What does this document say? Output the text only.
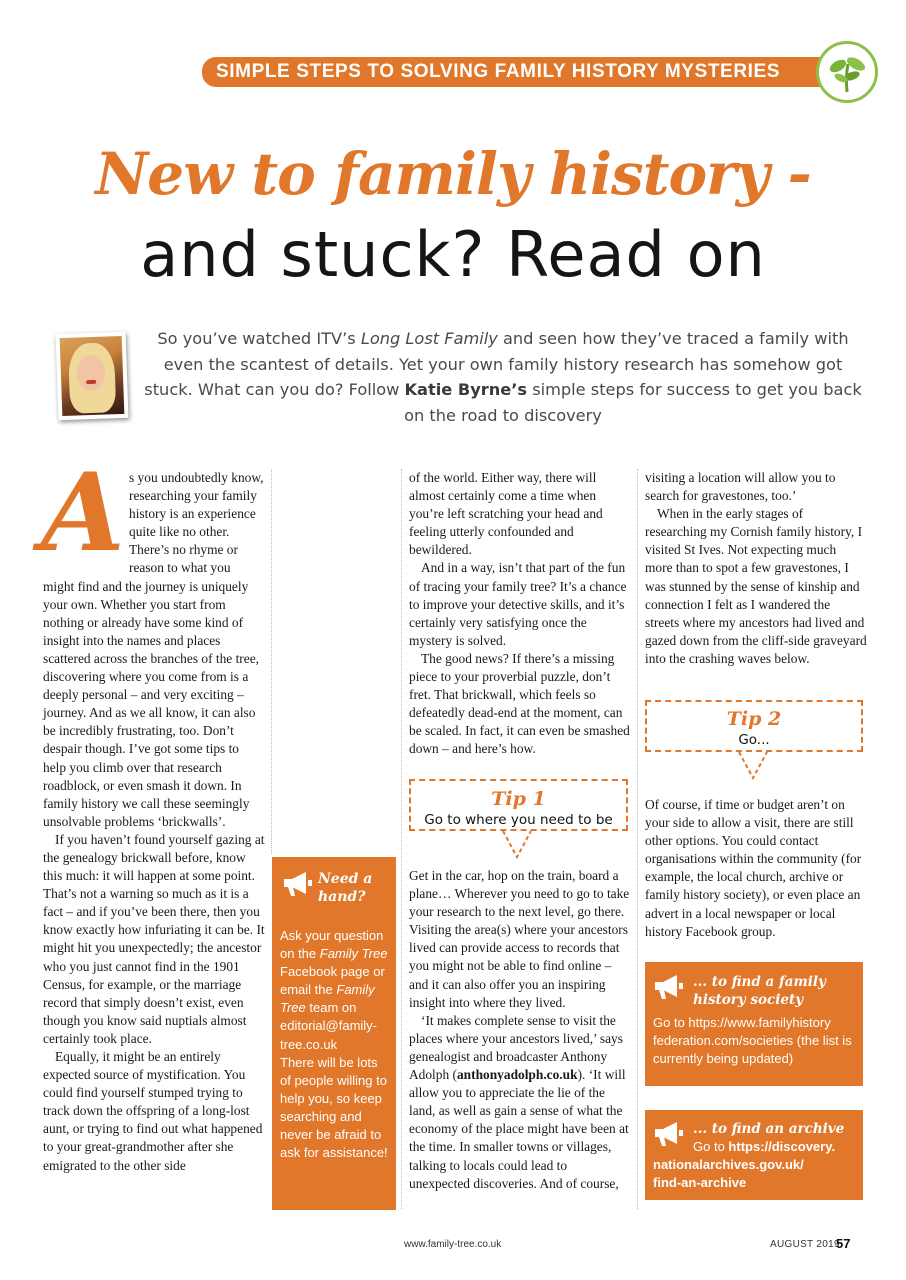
SIMPLE STEPS TO SOLVING FAMILY HISTORY MYSTERIES
New to family history -
and stuck? Read on
So you’ve watched ITV’s Long Lost Family and seen how they’ve traced a family with even the scantest of details. Yet your own family history research has somehow got stuck. What can you do? Follow Katie Byrne’s simple steps for success to get you back on the road to discovery
A s you undoubtedly know, researching your family history is an experience quite like no other. There’s no rhyme or reason to what you might find and the journey is uniquely your own. Whether you start from nothing or already have some kind of insight into the names and places scattered across the branches of the tree, discovering where you come from is a deeply personal – and very exciting – journey. And as we all know, it can also be incredibly frustrating, too. Don’t despair though. I’ve got some tips to help you climb over that research roadblock, or even smash it down. In family history we call these seemingly unsolvable problems ‘brickwalls’.

If you haven’t found yourself gazing at the genealogy brickwall before, know this much: it will happen at some point. That’s not a warning so much as it is a fact – and if you’ve been there, then you know exactly how infuriating it can be. It might hit you unexpectedly; the ancestor who you just cannot find in the 1901 Census, for example, or the marriage record that simply doesn’t exist, even though you know said nuptials almost certainly took place.

Equally, it might be an entirely expected source of mystification. You could find yourself stumped trying to track down the offspring of a long-lost aunt, or trying to find out what happened to your great-grandmother after she emigrated to the other side

Need a hand?

Ask your question on the Family Tree Facebook page or email the Family Tree team on editorial@family-tree.co.uk

There will be lots of people willing to help you, so keep searching and never be afraid to ask for assistance!

of the world. Either way, there will almost certainly come a time when you’re left scratching your head and feeling utterly confounded and bewildered.

And in a way, isn’t that part of the fun of tracing your family tree? It’s a chance to improve your detective skills, and it’s certainly very satisfying once the mystery is solved.

The good news? If there’s a missing piece to your proverbial puzzle, don’t fret. That brickwall, which feels so defeatedly dead-end at the moment, can be scaled. In fact, it can even be smashed down – and here’s how.

Tip 1
Go to where you need to be

Get in the car, hop on the train, board a plane… Wherever you need to go to take your research to the next level, go there. Visiting the area(s) where your ancestors lived can provide access to records that you might not be able to find online – and it can also offer you an inspiring insight into where they lived.

‘It makes complete sense to visit the places where your ancestors lived,’ says genealogist and broadcaster Anthony Adolph (anthonyadolph.co.uk). ‘It will allow you to appreciate the lie of the land, as well as gain a sense of what the economy of the place might have been at the time. In smaller towns or villages, talking to locals could lead to unexpected discoveries. And of course,

visiting a location will allow you to search for gravestones, too.’

When in the early stages of researching my Cornish family history, I visited St Ives. Not expecting much more than to spot a few gravestones, I was stunned by the sense of kinship and connection I felt as I wandered the streets where my ancestors had lived and gazed down from the cliff-side graveyard into the crashing waves below.

Tip 2
Go...

Of course, if time or budget aren’t on your side to allow a visit, there are still other options. You could contact organisations within the community (for example, the local church, archive or family history society), or even place an advert in a local newspaper or local history Facebook group.

... to find a family history society

Go to https://www.familyhistory federation.com/societies (the list is currently being updated)

... to find an archive
Go to https://discovery.
nationalarchives.gov.uk/
find-an-archive
www.family-tree.co.uk	AUGUST 2019
57
